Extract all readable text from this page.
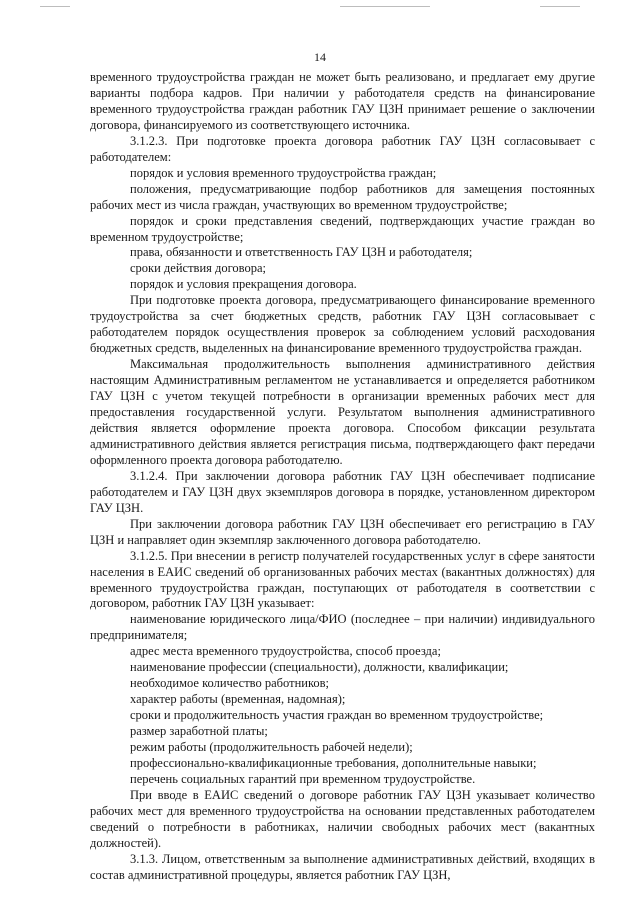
14

временного трудоустройства граждан не может быть реализовано, и предлагает ему другие варианты подбора кадров. При наличии у работодателя средств на финансирование временного трудоустройства граждан работник ГАУ ЦЗН принимает решение о заключении договора, финансируемого из соответствующего источника.

3.1.2.3. При подготовке проекта договора работник ГАУ ЦЗН согласовывает с работодателем:

порядок и условия временного трудоустройства граждан;

положения, предусматривающие подбор работников для замещения постоянных рабочих мест из числа граждан, участвующих во временном трудоустройстве;

порядок и сроки представления сведений, подтверждающих участие граждан во временном трудоустройстве;

права, обязанности и ответственность ГАУ ЦЗН и работодателя;

сроки действия договора;

порядок и условия прекращения договора.

При подготовке проекта договора, предусматривающего финансирование временного трудоустройства за счет бюджетных средств, работник ГАУ ЦЗН согласовывает с работодателем порядок осуществления проверок за соблюдением условий расходования бюджетных средств, выделенных на финансирование временного трудоустройства граждан.

Максимальная продолжительность выполнения административного действия настоящим Административным регламентом не устанавливается и определяется работником ГАУ ЦЗН с учетом текущей потребности в организации временных рабочих мест для предоставления государственной услуги. Результатом выполнения административного действия является оформление проекта договора. Способом фиксации результата административного действия является регистрация письма, подтверждающего факт передачи оформленного проекта договора работодателю.

3.1.2.4. При заключении договора работник ГАУ ЦЗН обеспечивает подписание работодателем и ГАУ ЦЗН двух экземпляров договора в порядке, установленном директором ГАУ ЦЗН.

При заключении договора работник ГАУ ЦЗН обеспечивает его регистрацию в ГАУ ЦЗН и направляет один экземпляр заключенного договора работодателю.

3.1.2.5. При внесении в регистр получателей государственных услуг в сфере занятости населения в ЕАИС сведений об организованных рабочих местах (вакантных должностях) для временного трудоустройства граждан, поступающих от работодателя в соответствии с договором, работник ГАУ ЦЗН указывает:

наименование юридического лица/ФИО (последнее – при наличии) индивидуального предпринимателя;

адрес места временного трудоустройства, способ проезда;

наименование профессии (специальности), должности, квалификации;

необходимое количество работников;

характер работы (временная, надомная);

сроки и продолжительность участия граждан во временном трудоустройстве;

размер заработной платы;

режим работы (продолжительность рабочей недели);

профессионально-квалификационные требования, дополнительные навыки;

перечень социальных гарантий при временном трудоустройстве.

При вводе в ЕАИС сведений о договоре работник ГАУ ЦЗН указывает количество рабочих мест для временного трудоустройства на основании представленных работодателем сведений о потребности в работниках, наличии свободных рабочих мест (вакантных должностей).

3.1.3. Лицом, ответственным за выполнение административных действий, входящих в состав административной процедуры, является работник ГАУ ЦЗН,
